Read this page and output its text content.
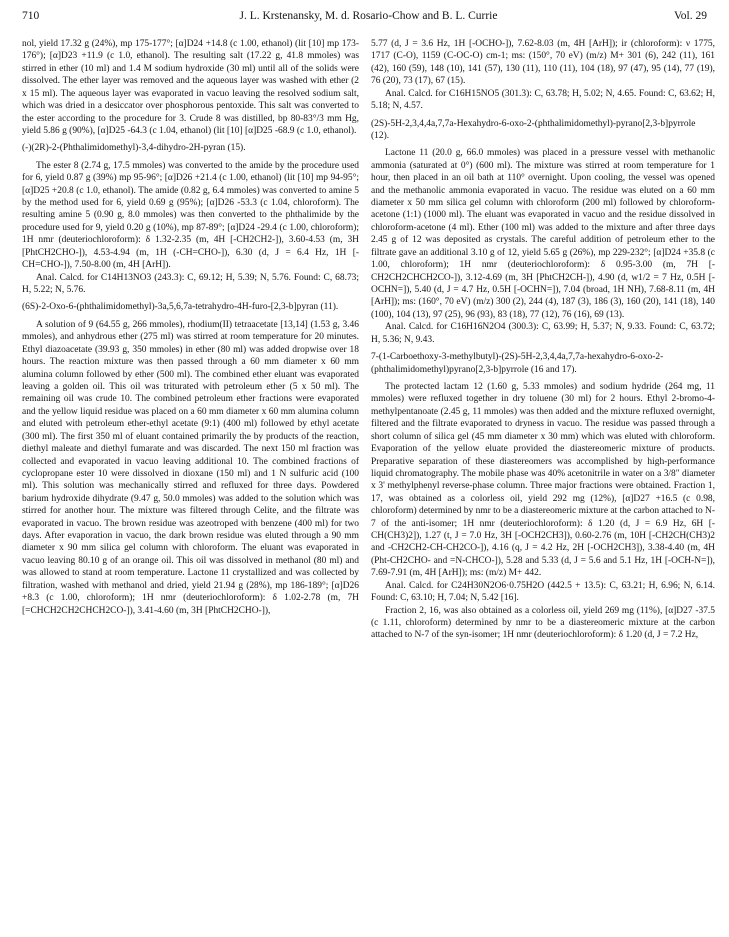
710	J. L. Krstenansky, M. d. Rosario-Chow and B. L. Currie	Vol. 29

nol, yield 17.32 g (24%), mp 175-177°; [α]D24 +14.8 (c 1.00, ethanol) (lit [10] mp 173-176°); [α]D23 +11.9 (c 1.0, ethanol). The resulting salt (17.22 g, 41.8 mmoles) was stirred in ether (10 ml) and 1.4 M sodium hydroxide (30 ml) until all of the solids were dissolved. The ether layer was removed and the aqueous layer was washed with ether (2 x 15 ml). The aqueous layer was evaporated in vacuo leaving the resolved sodium salt, which was dried in a desiccator over phosphorous pentoxide. This salt was converted to the ester according to the procedure for 3. Crude 8 was distilled, bp 80-83°/3 mm Hg, yield 5.86 g (90%), [α]D25 -64.3 (c 1.04, ethanol) (lit [10] [α]D25 -68.9 (c 1.0, ethanol).

(-)(2R)-2-(Phthalimidomethyl)-3,4-dihydro-2H-pyran (15).

The ester 8 (2.74 g, 17.5 mmoles) was converted to the amide by the procedure used for 6, yield 0.87 g (39%) mp 95-96°; [α]D26 +21.4 (c 1.00, ethanol) (lit [10] mp 94-95°; [α]D25 +20.8 (c 1.0, ethanol). The amide (0.82 g, 6.4 mmoles) was converted to amine 5 by the method used for 6, yield 0.69 g (95%); [α]D26 -53.3 (c 1.04, chloroform). The resulting amine 5 (0.90 g, 8.0 mmoles) was then converted to the phthalimide by the procedure used for 9, yield 0.20 g (10%), mp 87-89°; [α]D24 -29.4 (c 1.00, chloroform); 1H nmr (deuteriochloroform): δ 1.32-2.35 (m, 4H [-CH2CH2-]), 3.60-4.53 (m, 3H [PhtCH2CHO-]), 4.53-4.94 (m, 1H (-CH=CHO-]), 6.30 (d, J = 6.4 Hz, 1H [-CH=CHO-]), 7.50-8.00 (m, 4H [ArH]).

Anal. Calcd. for C14H13NO3 (243.3): C, 69.12; H, 5.39; N, 5.76. Found: C, 68.73; H, 5.22; N, 5.76.

(6S)-2-Oxo-6-(phthalimidomethyl)-3a,5,6,7a-tetrahydro-4H-furo-[2,3-b]pyran (11).

A solution of 9 (64.55 g, 266 mmoles), rhodium(II) tetraacetate [13,14] (1.53 g, 3.46 mmoles), and anhydrous ether (275 ml) was stirred at room temperature for 20 minutes. Ethyl diazoacetate (39.93 g, 350 mmoles) in ether (80 ml) was added dropwise over 18 hours. The reaction mixture was then passed through a 60 mm diameter x 60 mm alumina column followed by ether (500 ml). The combined ether eluant was evaporated leaving a golden oil. This oil was triturated with petroleum ether (5 x 50 ml). The remaining oil was crude 10. The combined petroleum ether fractions were evaporated and the yellow liquid residue was placed on a 60 mm diameter x 60 mm alumina column and eluted with petroleum ether-ethyl acetate (9:1) (400 ml) followed by ethyl acetate (300 ml). The first 350 ml of eluant contained primarily the by products of the reaction, diethyl maleate and diethyl fumarate and was discarded. The next 150 ml fraction was collected and evaporated in vacuo leaving additional 10. The combined fractions of cyclopropane ester 10 were dissolved in dioxane (150 ml) and 1 N sulfuric acid (100 ml). This solution was mechanically stirred and refluxed for three days. Powdered barium hydroxide dihydrate (9.47 g, 50.0 mmoles) was added to the solution which was stirred for another hour. The mixture was filtered through Celite, and the filtrate was evaporated in vacuo. The brown residue was azeotroped with benzene (400 ml) for two days. After evaporation in vacuo, the dark brown residue was eluted through a 90 mm diameter x 90 mm silica gel column with chloroform. The eluant was evaporated in vacuo leaving 80.10 g of an orange oil. This oil was dissolved in methanol (80 ml) and was allowed to stand at room temperature. Lactone 11 crystallized and was collected by filtration, washed with methanol and dried, yield 21.94 g (28%), mp 186-189°; [α]D26 +8.3 (c 1.00, chloroform); 1H nmr (deuteriochloroform): δ 1.02-2.78 (m, 7H [=CHCH2CH2CHCH2CO-]), 3.41-4.60 (m, 3H [PhtCH2CHO-]),

5.77 (d, J = 3.6 Hz, 1H [-OCHO-]), 7.62-8.03 (m, 4H [ArH]); ir (chloroform): ν 1775, 1717 (C-O), 1159 (C-OC-O) cm-1; ms: (150°, 70 eV) (m/z) M+ 301 (6), 242 (11), 161 (42), 160 (59), 148 (10), 141 (57), 130 (11), 110 (11), 104 (18), 97 (47), 95 (14), 77 (19), 76 (20), 73 (17), 67 (15).

Anal. Calcd. for C16H15NO5 (301.3): C, 63.78; H, 5.02; N, 4.65. Found: C, 63.62; H, 5.18; N, 4.57.

(2S)-5H-2,3,4,4a,7,7a-Hexahydro-6-oxo-2-(phthalimidomethyl)-pyrano[2,3-b]pyrrole (12).

Lactone 11 (20.0 g, 66.0 mmoles) was placed in a pressure vessel with methanolic ammonia (saturated at 0°) (600 ml). The mixture was stirred at room temperature for 1 hour, then placed in an oil bath at 110° overnight. Upon cooling, the vessel was opened and the methanolic ammonia evaporated in vacuo. The residue was eluted on a 60 mm diameter x 50 mm silica gel column with chloroform (200 ml) followed by chloroform-acetone (1:1) (1000 ml). The eluant was evaporated in vacuo and the residue dissolved in chloroform-acetone (4 ml). Ether (100 ml) was added to the mixture and after three days 2.45 g of 12 was deposited as crystals. The careful addition of petroleum ether to the filtrate gave an additional 3.10 g of 12, yield 5.65 g (26%), mp 229-232°; [α]D24 +35.8 (c 1.00, chloroform); 1H nmr (deuteriochloroform): δ 0.95-3.00 (m, 7H [-CH2CH2CHCH2CO-]), 3.12-4.69 (m, 3H [PhtCH2CH-]), 4.90 (d, w1/2 = 7 Hz, 0.5H [-OCHN=]), 5.40 (d, J = 4.7 Hz, 0.5H [-OCHN=]), 7.04 (broad, 1H NH), 7.68-8.11 (m, 4H [ArH]); ms: (160°, 70 eV) (m/z) 300 (2), 244 (4), 187 (3), 186 (3), 160 (20), 141 (18), 140 (100), 104 (13), 97 (25), 96 (93), 83 (18), 77 (12), 76 (16), 69 (13).

Anal. Calcd. for C16H16N2O4 (300.3): C, 63.99; H, 5.37; N, 9.33. Found: C, 63.72; H, 5.36; N, 9.43.

7-(1-Carboethoxy-3-methylbutyl)-(2S)-5H-2,3,4,4a,7,7a-hexahydro-6-oxo-2-(phthalimidomethyl)pyrano[2,3-b]pyrrole (16 and 17).

The protected lactam 12 (1.60 g, 5.33 mmoles) and sodium hydride (264 mg, 11 mmoles) were refluxed together in dry toluene (30 ml) for 2 hours. Ethyl 2-bromo-4-methylpentanoate (2.45 g, 11 mmoles) was then added and the mixture refluxed overnight, filtered and the filtrate evaporated to dryness in vacuo. The residue was passed through a short column of silica gel (45 mm diameter x 30 mm) which was eluted with chloroform. Evaporation of the yellow eluate provided the diastereomeric mixture of products. Preparative separation of these diastereomers was accomplished by high-performance liquid chromatography. The mobile phase was 40% acetonitrile in water on a 3/8" diameter x 3' methylphenyl reverse-phase column. Three major fractions were obtained. Fraction 1, 17, was obtained as a colorless oil, yield 292 mg (12%), [α]D27 +16.5 (c 0.98, chloroform) determined by nmr to be a diastereomeric mixture at the carbon attached to N-7 of the anti-isomer; 1H nmr (deuteriochloroform): δ 1.20 (d, J = 6.9 Hz, 6H [-CH(CH3)2]), 1.27 (t, J = 7.0 Hz, 3H [-OCH2CH3]), 0.60-2.76 (m, 10H [-CH2CH(CH3)2 and -CH2CH2-CH-CH2CO-]), 4.16 (q, J = 4.2 Hz, 2H [-OCH2CH3]), 3.38-4.40 (m, 4H (Pht-CH2CHO- and =N-CHCO-]), 5.28 and 5.33 (d, J = 5.6 and 5.1 Hz, 1H [-OCH-N=]), 7.69-7.91 (m, 4H [ArH]); ms: (m/z) M+ 442.

Anal. Calcd. for C24H30N2O6·0.75H2O (442.5 + 13.5): C, 63.21; H, 6.96; N, 6.14. Found: C, 63.10; H, 7.04; N, 5.42 [16].

Fraction 2, 16, was also obtained as a colorless oil, yield 269 mg (11%), [α]D27 -37.5 (c 1.11, chloroform) determined by nmr to be a diastereomeric mixture at the carbon attached to N-7 of the syn-isomer; 1H nmr (deuteriochloroform): δ 1.20 (d, J = 7.2 Hz,
